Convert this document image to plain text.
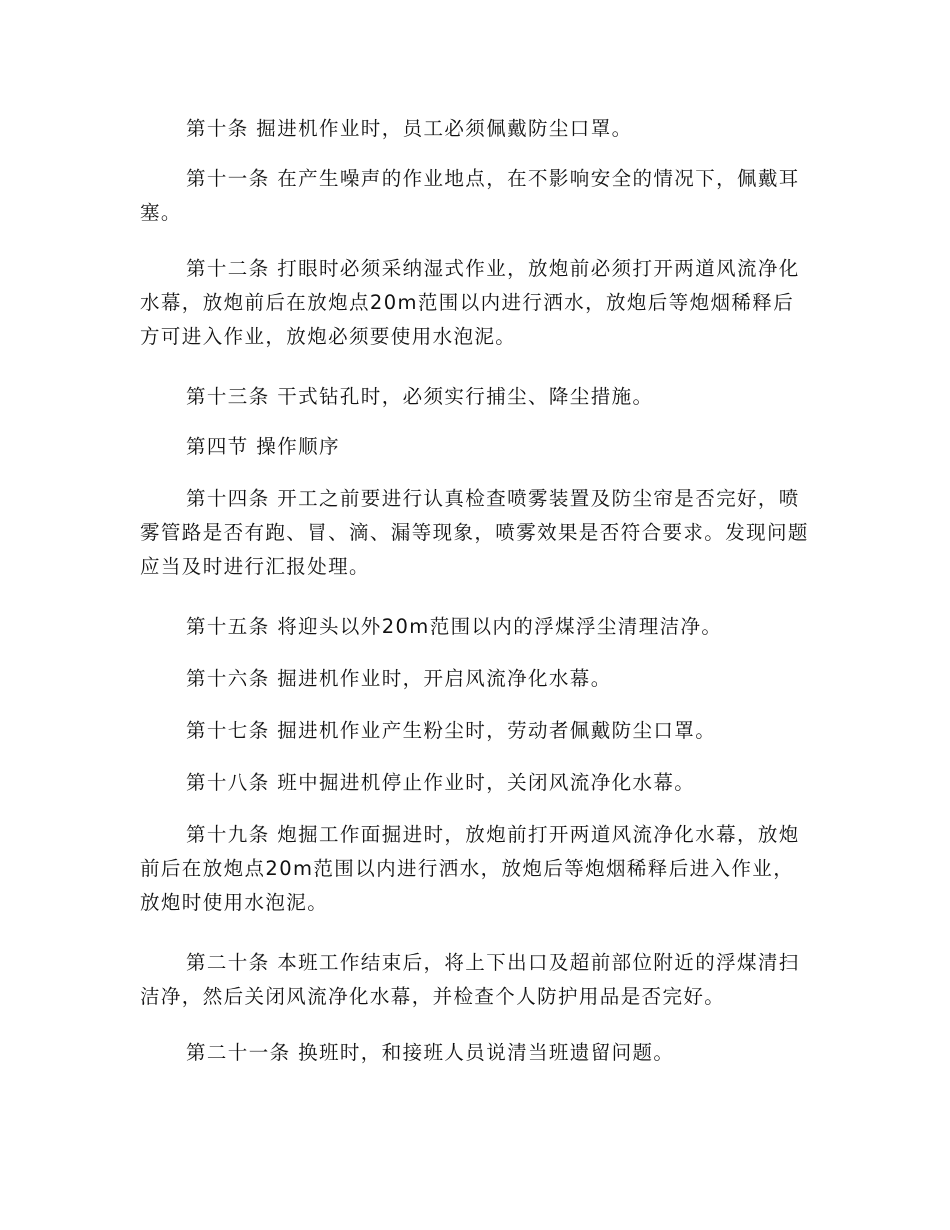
第十条 掘进机作业时，员工必须佩戴防尘口罩。

第十一条 在产生噪声的作业地点，在不影响安全的情况下，佩戴耳塞。

第十二条 打眼时必须采纳湿式作业，放炮前必须打开两道风流净化水幕，放炮前后在放炮点20m范围以内进行洒水，放炮后等炮烟稀释后方可进入作业，放炮必须要使用水泡泥。

第十三条 干式钻孔时，必须实行捕尘、降尘措施。

第四节 操作顺序

第十四条 开工之前要进行认真检查喷雾装置及防尘帘是否完好，喷雾管路是否有跑、冒、滴、漏等现象，喷雾效果是否符合要求。发现问题应当及时进行汇报处理。

第十五条 将迎头以外20m范围以内的浮煤浮尘清理洁净。

第十六条 掘进机作业时，开启风流净化水幕。

第十七条 掘进机作业产生粉尘时，劳动者佩戴防尘口罩。

第十八条 班中掘进机停止作业时，关闭风流净化水幕。

第十九条 炮掘工作面掘进时，放炮前打开两道风流净化水幕，放炮前后在放炮点20m范围以内进行洒水，放炮后等炮烟稀释后进入作业，放炮时使用水泡泥。

第二十条 本班工作结束后，将上下出口及超前部位附近的浮煤清扫洁净，然后关闭风流净化水幕，并检查个人防护用品是否完好。

第二十一条 换班时，和接班人员说清当班遗留问题。
